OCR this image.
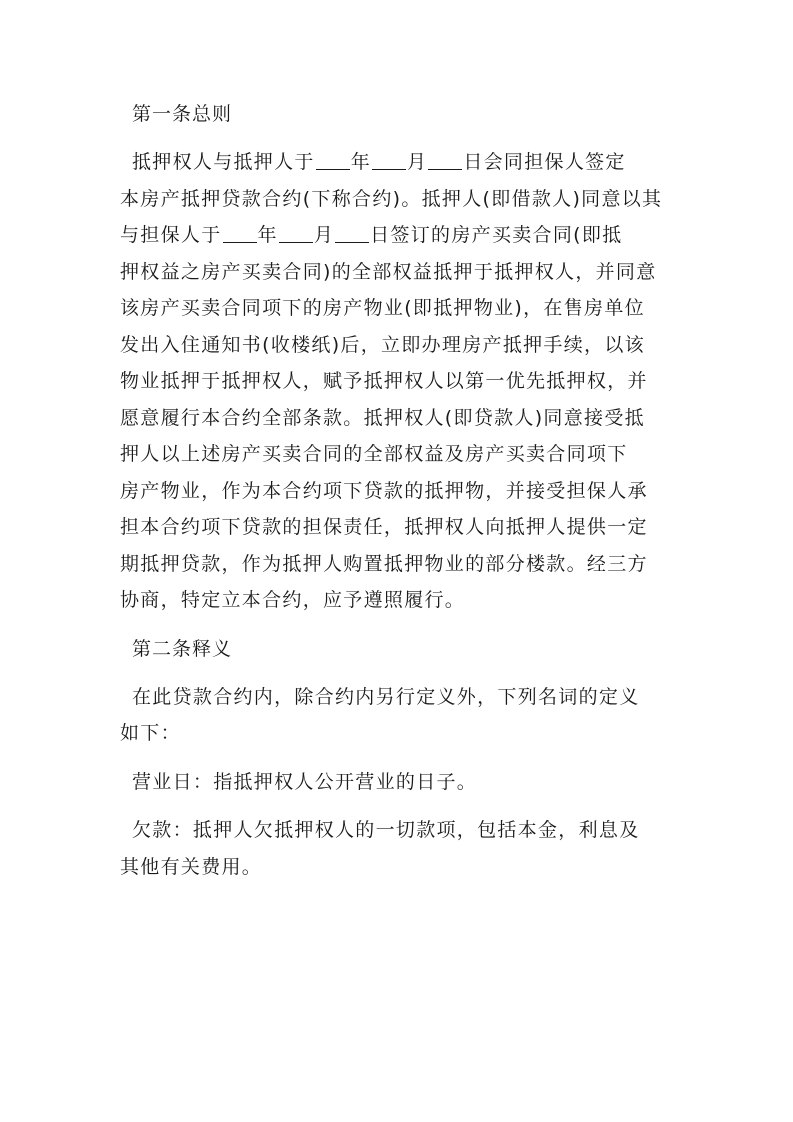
第一条总则
抵押权人与抵押人于 年 月 日会同担保人签定
本房产抵押贷款合约(下称合约)。抵押人(即借款人)同意以其
与担保人于 年 月 日签订的房产买卖合同(即抵
押权益之房产买卖合同)的全部权益抵押于抵押权人，并同意
该房产买卖合同项下的房产物业(即抵押物业)，在售房单位
发出入住通知书(收楼纸)后，立即办理房产抵押手续，以该
物业抵押于抵押权人，赋予抵押权人以第一优先抵押权，并
愿意履行本合约全部条款。抵押权人(即贷款人)同意接受抵
押人以上述房产买卖合同的全部权益及房产买卖合同项下
房产物业，作为本合约项下贷款的抵押物，并接受担保人承
担本合约项下贷款的担保责任，抵押权人向抵押人提供一定
期抵押贷款，作为抵押人购置抵押物业的部分楼款。经三方
协商，特定立本合约，应予遵照履行。
第二条释义
在此贷款合约内，除合约内另行定义外，下列名词的定义
如下：
营业日：指抵押权人公开营业的日子。
欠款：抵押人欠抵押权人的一切款项，包括本金，利息及
其他有关费用。
